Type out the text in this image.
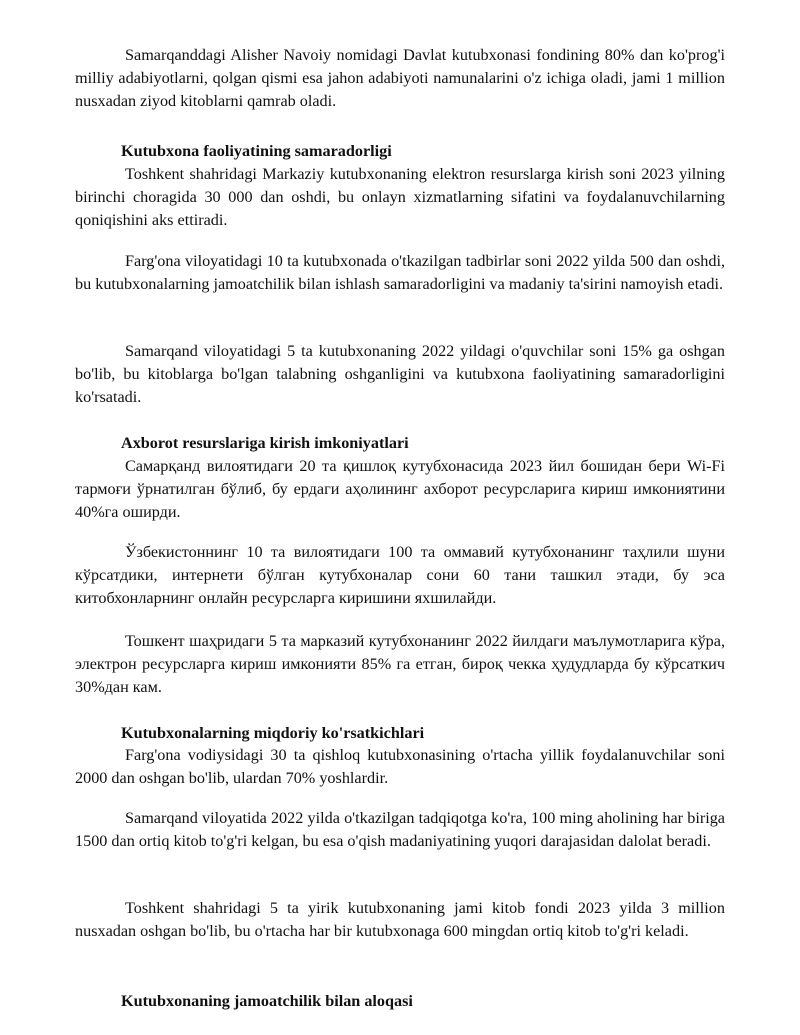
Samarqanddagi Alisher Navoiy nomidagi Davlat kutubxonasi fondining 80% dan ko'prog'i milliy adabiyotlarni, qolgan qismi esa jahon adabiyoti namunalarini o'z ichiga oladi, jami 1 million nusxadan ziyod kitoblarni qamrab oladi.
Kutubxona faoliyatining samaradorligi
Toshkent shahridagi Markaziy kutubxonaning elektron resurslarga kirish soni 2023 yilning birinchi choragida 30 000 dan oshdi, bu onlayn xizmatlarning sifatini va foydalanuvchilarning qoniqishini aks ettiradi.
Farg'ona viloyatidagi 10 ta kutubxonada o'tkazilgan tadbirlar soni 2022 yilda 500 dan oshdi, bu kutubxonalarning jamoatchilik bilan ishlash samaradorligini va madaniy ta'sirini namoyish etadi.
Samarqand viloyatidagi 5 ta kutubxonaning 2022 yildagi o'quvchilar soni 15% ga oshgan bo'lib, bu kitoblarga bo'lgan talabning oshganligini va kutubxona faoliyatining samaradorligini ko'rsatadi.
Axborot resurslariga kirish imkoniyatlari
Самарқанд вилоятидаги 20 та қишлоқ кутубхонасида 2023 йил бошидан бери Wi-Fi тармоғи ўрнатилган бўлиб, бу ердаги аҳолининг ахборот ресурсларига кириш имкониятини 40%га оширди.
Ўзбекистоннинг 10 та вилоятидаги 100 та оммавий кутубхонанинг таҳлили шуни кўрсатдики, интернети бўлган кутубхоналар сони 60 тани ташкил этади, бу эса китобхонларнинг онлайн ресурсларга киришини яхшилайди.
Тошкент шаҳридаги 5 та марказий кутубхонанинг 2022 йилдаги маълумотларига кўра, электрон ресурсларга кириш имконияти 85% га етган, бироқ чекка ҳудудларда бу кўрсаткич 30%дан кам.
Kutubxonalarning miqdoriy ko'rsatkichlari
Farg'ona vodiysidagi 30 ta qishloq kutubxonasining o'rtacha yillik foydalanuvchilar soni 2000 dan oshgan bo'lib, ulardan 70% yoshlardir.
Samarqand viloyatida 2022 yilda o'tkazilgan tadqiqotga ko'ra, 100 ming aholining har biriga 1500 dan ortiq kitob to'g'ri kelgan, bu esa o'qish madaniyatining yuqori darajasidan dalolat beradi.
Toshkent shahridagi 5 ta yirik kutubxonaning jami kitob fondi 2023 yilda 3 million nusxadan oshgan bo'lib, bu o'rtacha har bir kutubxonaga 600 mingdan ortiq kitob to'g'ri keladi.
Kutubxonaning jamoatchilik bilan aloqasi
